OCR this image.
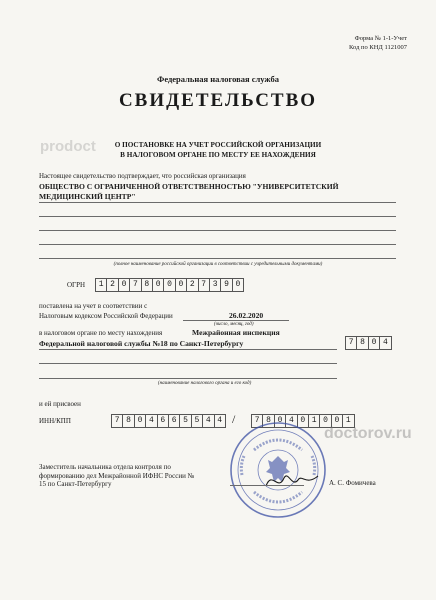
Форма № 1-1-Учет
Код по КНД 1121007
Федеральная налоговая служба
СВИДЕТЕЛЬСТВО
О ПОСТАНОВКЕ НА УЧЕТ РОССИЙСКОЙ ОРГАНИЗАЦИИ
В НАЛОГОВОМ ОРГАНЕ ПО МЕСТУ ЕЕ НАХОЖДЕНИЯ
prodoct
Настоящее свидетельство подтверждает, что российская организация
ОБЩЕСТВО С ОГРАНИЧЕННОЙ ОТВЕТСТВЕННОСТЬЮ "УНИВЕРСИТЕТСКИЙ
МЕДИЦИНСКИЙ ЦЕНТР"
(полное наименование российской организации в соответствии с учредительными документами)
ОГРН	1 2 0 7 8 0 0 0 2 7 3 9 0
поставлена на учет в соответствии с
Налоговым кодексом Российской Федерации	26.02.2020
(число, месяц, год)
в налоговом органе по месту нахождения	Межрайонная инспекция
Федеральной налоговой службы №18 по Санкт-Петербургу	7 8 0 4
(наименование налогового органа и его код)
и ей присвоен
ИНН/КПП	7 8 0 4 6 6 5 5 4 4 /	7 8 0 4 0 1 0 0 1
doctorov.ru
Заместитель начальника отдела контроля по
формированию дел Межрайонной ИФНС России №
15 по Санкт-Петербургу	А. С. Фомичева
